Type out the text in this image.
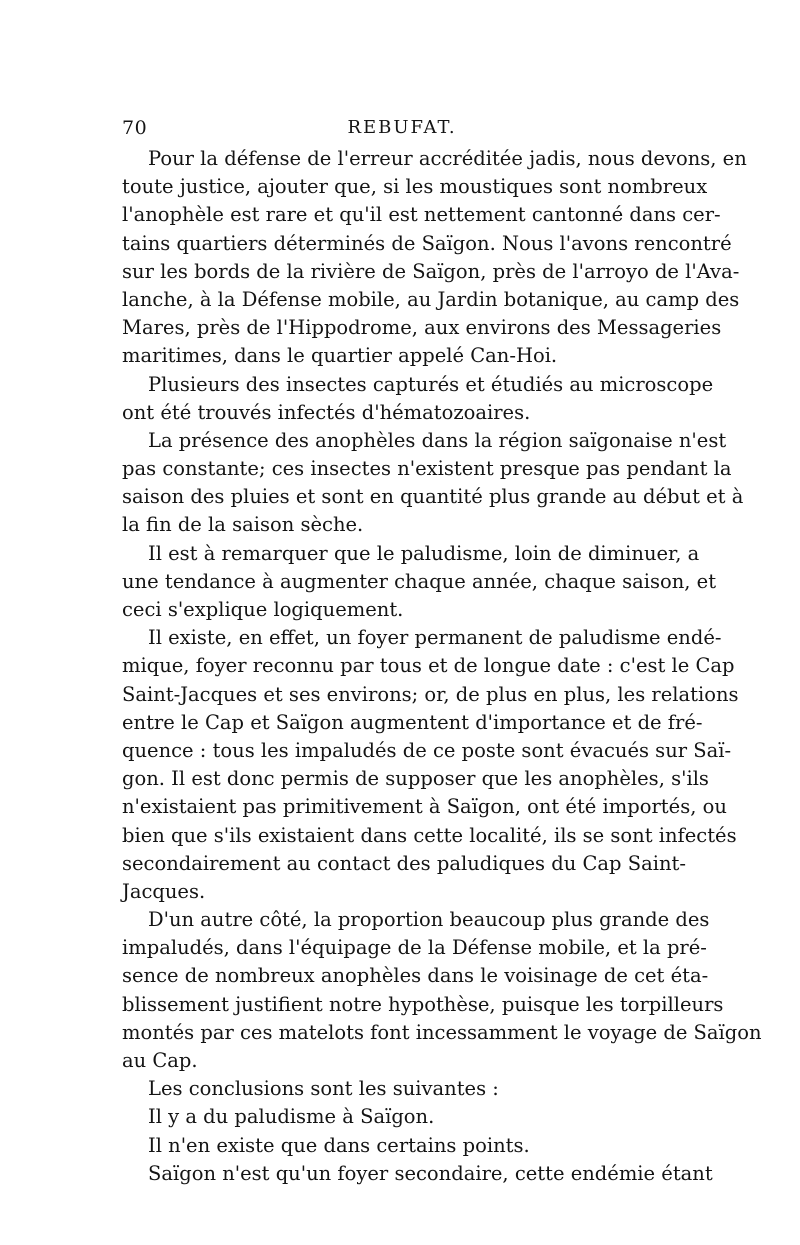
70	REBUFAT.
Pour la défense de l'erreur accréditée jadis, nous devons, en
toute justice, ajouter que, si les moustiques sont nombreux
l'anophèle est rare et qu'il est nettement cantonné dans cer-
tains quartiers déterminés de Saïgon. Nous l'avons rencontré
sur les bords de la rivière de Saïgon, près de l'arroyo de l'Ava-
lanche, à la Défense mobile, au Jardin botanique, au camp des
Mares, près de l'Hippodrome, aux environs des Messageries
maritimes, dans le quartier appelé Can-Hoi.
Plusieurs des insectes capturés et étudiés au microscope
ont été trouvés infectés d'hématozoaires.
La présence des anophèles dans la région saïgonaise n'est
pas constante; ces insectes n'existent presque pas pendant la
saison des pluies et sont en quantité plus grande au début et à
la fin de la saison sèche.
Il est à remarquer que le paludisme, loin de diminuer, a
une tendance à augmenter chaque année, chaque saison, et
ceci s'explique logiquement.
Il existe, en effet, un foyer permanent de paludisme endé-
mique, foyer reconnu par tous et de longue date : c'est le Cap
Saint-Jacques et ses environs; or, de plus en plus, les relations
entre le Cap et Saïgon augmentent d'importance et de fré-
quence : tous les impaludés de ce poste sont évacués sur Saï-
gon. Il est donc permis de supposer que les anophèles, s'ils
n'existaient pas primitivement à Saïgon, ont été importés, ou
bien que s'ils existaient dans cette localité, ils se sont infectés
secondairement au contact des paludiques du Cap Saint-
Jacques.
D'un autre côté, la proportion beaucoup plus grande des
impaludés, dans l'équipage de la Défense mobile, et la pré-
sence de nombreux anophèles dans le voisinage de cet éta-
blissement justifient notre hypothèse, puisque les torpilleurs
montés par ces matelots font incessamment le voyage de Saïgon
au Cap.
Les conclusions sont les suivantes :
Il y a du paludisme à Saïgon.
Il n'en existe que dans certains points.
Saïgon n'est qu'un foyer secondaire, cette endémie étant
